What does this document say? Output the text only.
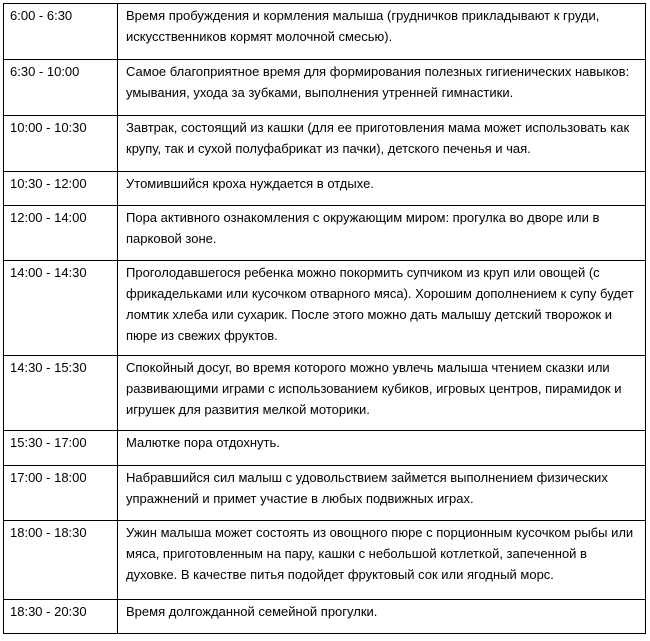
6:00 - 6:30	Время пробуждения и кормления малыша (грудничков прикладывают к груди, искусственников кормят молочной смесью).
6:30 - 10:00	Самое благоприятное время для формирования полезных гигиенических навыков: умывания, ухода за зубками, выполнения утренней гимнастики.
10:00 - 10:30	Завтрак, состоящий из кашки (для ее приготовления мама может использовать как крупу, так и сухой полуфабрикат из пачки), детского печенья и чая.
10:30 - 12:00	Утомившийся кроха нуждается в отдыхе.
12:00 - 14:00	Пора активного ознакомления с окружающим миром: прогулка во дворе или в парковой зоне.
14:00 - 14:30	Проголодавшегося ребенка можно покормить супчиком из круп или овощей (с фрикадельками или кусочком отварного мяса). Хорошим дополнением к супу будет ломтик хлеба или сухарик. После этого можно дать малышу детский творожок и пюре из свежих фруктов.
14:30 - 15:30	Спокойный досуг, во время которого можно увлечь малыша чтением сказки или развивающими играми с использованием кубиков, игровых центров, пирамидок и игрушек для развития мелкой моторики.
15:30 - 17:00	Малютке пора отдохнуть.
17:00 - 18:00	Набравшийся сил малыш с удовольствием займется выполнением физических упражнений и примет участие в любых подвижных играх.
18:00 - 18:30	Ужин малыша может состоять из овощного пюре с порционным кусочком рыбы или мяса, приготовленным на пару, кашки с небольшой котлеткой, запеченной в духовке. В качестве питья подойдет фруктовый сок или ягодный морс.
18:30 - 20:30	Время долгожданной семейной прогулки.
